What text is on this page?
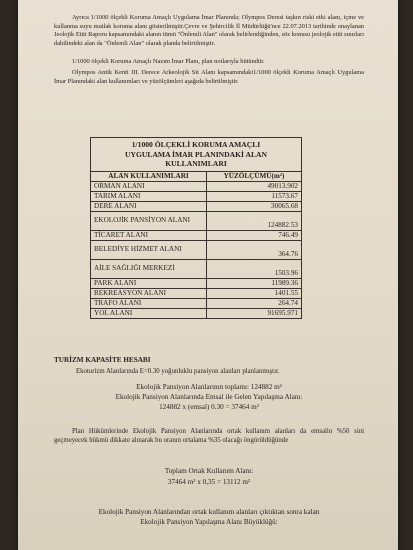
Ayrıca 1/1000 ölçekli Koruma Amaçlı Uygulama İmar Planında; Olympos Deresi taşkın riski etki alanı, içme ve kullanma suyu mutlak koruma alanı gösterilmiştir.Çevre ve Şehircilik İl Müdürlüğü'nce 22.07.2013 tarihinde onaylanan Jeolojik Etüt Raporu kapsamındaki alanın tümü "Önlemli Alan" olarak belirlendiğinden, söz konusu jeolojik etüt sınırları dahilindeki alan da "Önlemli Alan" olarak planda belirtilmiştir.
1/1000 ölçekli Koruma Amaçlı Nazım İmar Planı, plan notlarıyla bütündür.
Olympos Antik Kenti III. Derece Arkeolojik Sit Alanı kapsamındaki1/1000 ölçekli Koruma Amaçlı Uygulama İmar Planındaki alan kullanımları ve yüzölçümleri aşağıda belirtilmiştir.
1/1000 ÖLÇEKLİ KORUMA AMAÇLI
UYGULAMA İMAR PLANINDAKİ ALAN
KULLANIMLARI	
ALAN KULLANIMLARI	YÜZÖLÇÜMÜ(m²)
ORMAN ALANI	49013.902
TARIM ALANI	11573.67
DERE ALANI	30065.68
EKOLOJİK PANSİYON ALANI	124882.53
TİCARET ALANI	746.49
BELEDİYE HİZMET ALANI	364.76
AİLE SAĞLIĞI MERKEZİ	1503.96
PARK ALANI	11989.36
REKREASYON ALANI	1401.55
TRAFO ALANI	264.74
YOL ALANI	91695.971
TURİZM KAPASİTE HESABI
Ekoturizm Alanlarında E=0.30 yoğunluklu pansiyon alanları planlanmıştır.
Ekolojik Pansiyon Alanlarının toplamı: 124882 m²
Ekolojik Pansiyon Alanlarında Emsal ile Gelen Yapılaşma Alanı:
124882 x (emsal) 0.30 = 37464 m²
Plan Hükümlerinde Ekolojik Pansiyon Alanlarında ortak kullanım alanları da emsalin %50 sini geçmeyecek hükmü dikkate alınarak bu oranın ortalama %35 olacağı öngörüldüğünde
Toplam Ortak Kullanım Alanı:
37464 m² x 0,35 = 13112 m²
Ekolojik Pansiyon Alanlarından ortak kullanım alanları çıktıktan sonra kalan
Ekolojik Pansiyon Yapılaşma Alanı Büyüklüğü:
